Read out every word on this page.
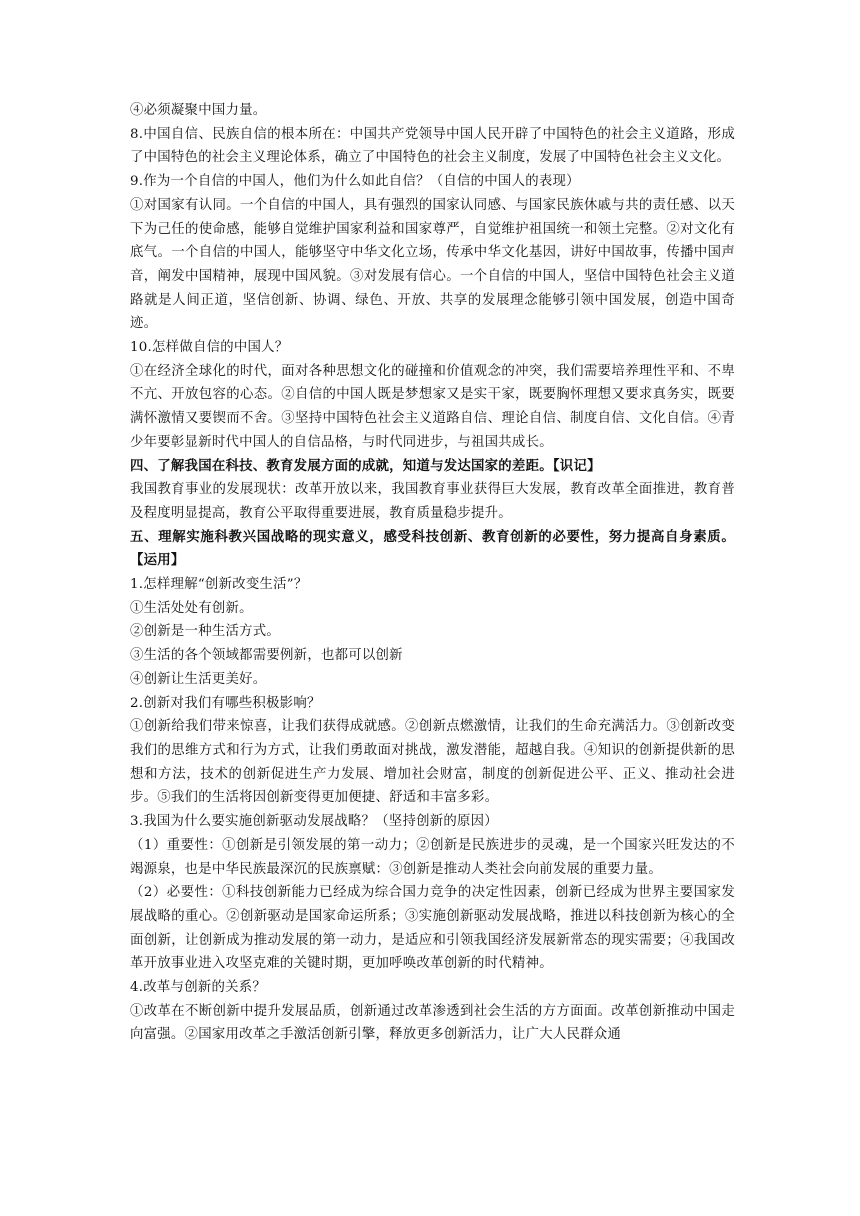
④必须凝聚中国力量。

8.中国自信、民族自信的根本所在：中国共产党领导中国人民开辟了中国特色的社会主义道路，形成了中国特色的社会主义理论体系，确立了中国特色的社会主义制度，发展了中国特色社会主义文化。

9.作为一个自信的中国人，他们为什么如此自信？（自信的中国人的表现）

①对国家有认同。一个自信的中国人，具有强烈的国家认同感、与国家民族休戚与共的责任感、以天下为己任的使命感，能够自觉维护国家利益和国家尊严，自觉维护祖国统一和领土完整。②对文化有底气。一个自信的中国人，能够坚守中华文化立场，传承中华文化基因，讲好中国故事，传播中国声音，阐发中国精神，展现中国风貌。③对发展有信心。一个自信的中国人，坚信中国特色社会主义道路就是人间正道，坚信创新、协调、绿色、开放、共享的发展理念能够引领中国发展，创造中国奇迹。

10.怎样做自信的中国人？

①在经济全球化的时代，面对各种思想文化的碰撞和价值观念的冲突，我们需要培养理性平和、不卑不亢、开放包容的心态。②自信的中国人既是梦想家又是实干家，既要胸怀理想又要求真务实，既要满怀激情又要锲而不舍。③坚持中国特色社会主义道路自信、理论自信、制度自信、文化自信。④青少年要彰显新时代中国人的自信品格，与时代同进步，与祖国共成长。

四、了解我国在科技、教育发展方面的成就，知道与发达国家的差距。【识记】

我国教育事业的发展现状：改革开放以来，我国教育事业获得巨大发展，教育改革全面推进，教育普及程度明显提高，教育公平取得重要进展，教育质量稳步提升。

五、理解实施科教兴国战略的现实意义，感受科技创新、教育创新的必要性，努力提高自身素质。【运用】

1.怎样理解“创新改变生活”？

①生活处处有创新。

②创新是一种生活方式。

③生活的各个领域都需要例新，也都可以创新

④创新让生活更美好。

2.创新对我们有哪些积极影响？

①创新给我们带来惊喜，让我们获得成就感。②创新点燃激情，让我们的生命充满活力。③创新改变我们的思维方式和行为方式，让我们勇敢面对挑战，激发潜能，超越自我。④知识的创新提供新的思想和方法，技术的创新促进生产力发展、增加社会财富，制度的创新促进公平、正义、推动社会进步。⑤我们的生活将因创新变得更加便捷、舒适和丰富多彩。

3.我国为什么要实施创新驱动发展战略？（坚持创新的原因）

（1）重要性：①创新是引领发展的第一动力；②创新是民族进步的灵魂，是一个国家兴旺发达的不竭源泉，也是中华民族最深沉的民族禀赋：③创新是推动人类社会向前发展的重要力量。

（2）必要性：①科技创新能力已经成为综合国力竞争的决定性因素，创新已经成为世界主要国家发展战略的重心。②创新驱动是国家命运所系；③实施创新驱动发展战略，推进以科技创新为核心的全面创新，让创新成为推动发展的第一动力，是适应和引领我国经济发展新常态的现实需要；④我国改革开放事业进入攻坚克难的关键时期，更加呼唤改革创新的时代精神。

4.改革与创新的关系？

①改革在不断创新中提升发展品质，创新通过改革渗透到社会生活的方方面面。改革创新推动中国走向富强。②国家用改革之手激活创新引擎，释放更多创新活力，让广大人民群众通
